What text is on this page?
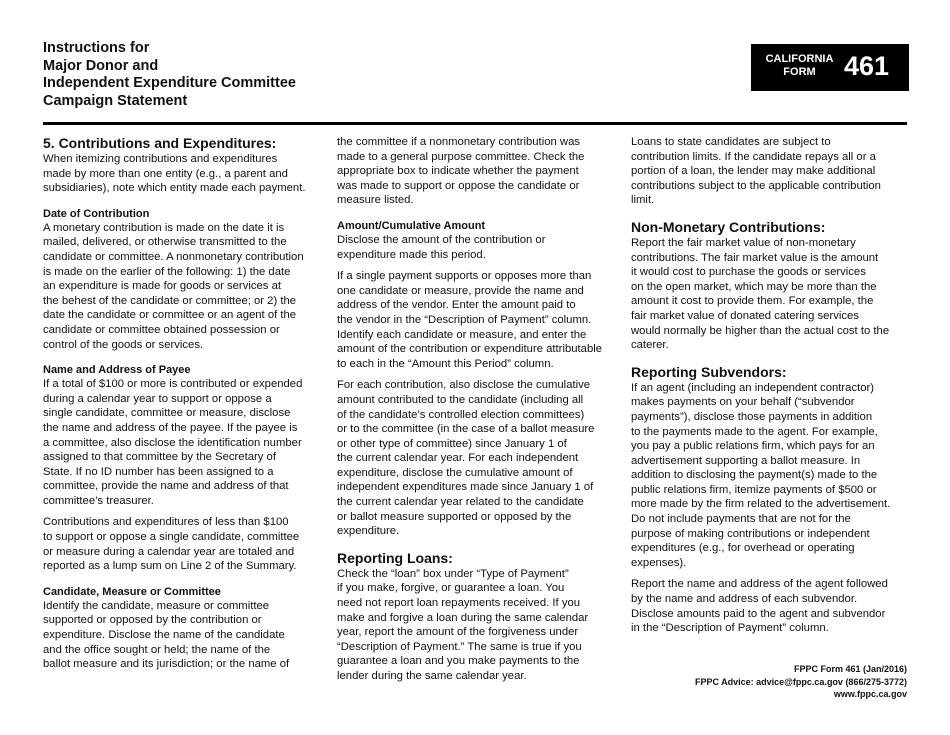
Instructions for
Major Donor and
Independent Expenditure Committee
Campaign Statement
CALIFORNIA
FORM	461
5. Contributions and Expenditures:
When itemizing contributions and expenditures
made by more than one entity (e.g., a parent and
subsidiaries), note which entity made each payment.
Date of Contribution
A monetary contribution is made on the date it is
mailed, delivered, or otherwise transmitted to the
candidate or committee. A nonmonetary contribution
is made on the earlier of the following: 1) the date
an expenditure is made for goods or services at
the behest of the candidate or committee; or 2) the
date the candidate or committee or an agent of the
candidate or committee obtained possession or
control of the goods or services.
Name and Address of Payee
If a total of $100 or more is contributed or expended
during a calendar year to support or oppose a
single candidate, committee or measure, disclose
the name and address of the payee. If the payee is
a committee, also disclose the identification number
assigned to that committee by the Secretary of
State. If no ID number has been assigned to a
committee, provide the name and address of that
committee’s treasurer.
Contributions and expenditures of less than $100
to support or oppose a single candidate, committee
or measure during a calendar year are totaled and
reported as a lump sum on Line 2 of the Summary.
Candidate, Measure or Committee
Identify the candidate, measure or committee
supported or opposed by the contribution or
expenditure. Disclose the name of the candidate
and the office sought or held; the name of the
ballot measure and its jurisdiction; or the name of
the committee if a nonmonetary contribution was
made to a general purpose committee. Check the
appropriate box to indicate whether the payment
was made to support or oppose the candidate or
measure listed.
Amount/Cumulative Amount
Disclose the amount of the contribution or
expenditure made this period.
If a single payment supports or opposes more than
one candidate or measure, provide the name and
address of the vendor. Enter the amount paid to
the vendor in the “Description of Payment” column.
Identify each candidate or measure, and enter the
amount of the contribution or expenditure attributable
to each in the “Amount this Period” column.
For each contribution, also disclose the cumulative
amount contributed to the candidate (including all
of the candidate’s controlled election committees)
or to the committee (in the case of a ballot measure
or other type of committee) since January 1 of
the current calendar year. For each independent
expenditure, disclose the cumulative amount of
independent expenditures made since January 1 of
the current calendar year related to the candidate
or ballot measure supported or opposed by the
expenditure.
Reporting Loans:
Check the “loan” box under “Type of Payment”
if you make, forgive, or guarantee a loan. You
need not report loan repayments received. If you
make and forgive a loan during the same calendar
year, report the amount of the forgiveness under
“Description of Payment.” The same is true if you
guarantee a loan and you make payments to the
lender during the same calendar year.
Loans to state candidates are subject to
contribution limits. If the candidate repays all or a
portion of a loan, the lender may make additional
contributions subject to the applicable contribution
limit.
Non-Monetary Contributions:
Report the fair market value of non-monetary
contributions. The fair market value is the amount
it would cost to purchase the goods or services
on the open market, which may be more than the
amount it cost to provide them. For example, the
fair market value of donated catering services
would normally be higher than the actual cost to the
caterer.
Reporting Subvendors:
If an agent (including an independent contractor)
makes payments on your behalf (“subvendor
payments”), disclose those payments in addition
to the payments made to the agent. For example,
you pay a public relations firm, which pays for an
advertisement supporting a ballot measure. In
addition to disclosing the payment(s) made to the
public relations firm, itemize payments of $500 or
more made by the firm related to the advertisement.
Do not include payments that are not for the
purpose of making contributions or independent
expenditures (e.g., for overhead or operating
expenses).
Report the name and address of the agent followed
by the name and address of each subvendor.
Disclose amounts paid to the agent and subvendor
in the “Description of Payment” column.
FPPC Form 461 (Jan/2016)
FPPC Advice: advice@fppc.ca.gov (866/275-3772)
www.fppc.ca.gov
